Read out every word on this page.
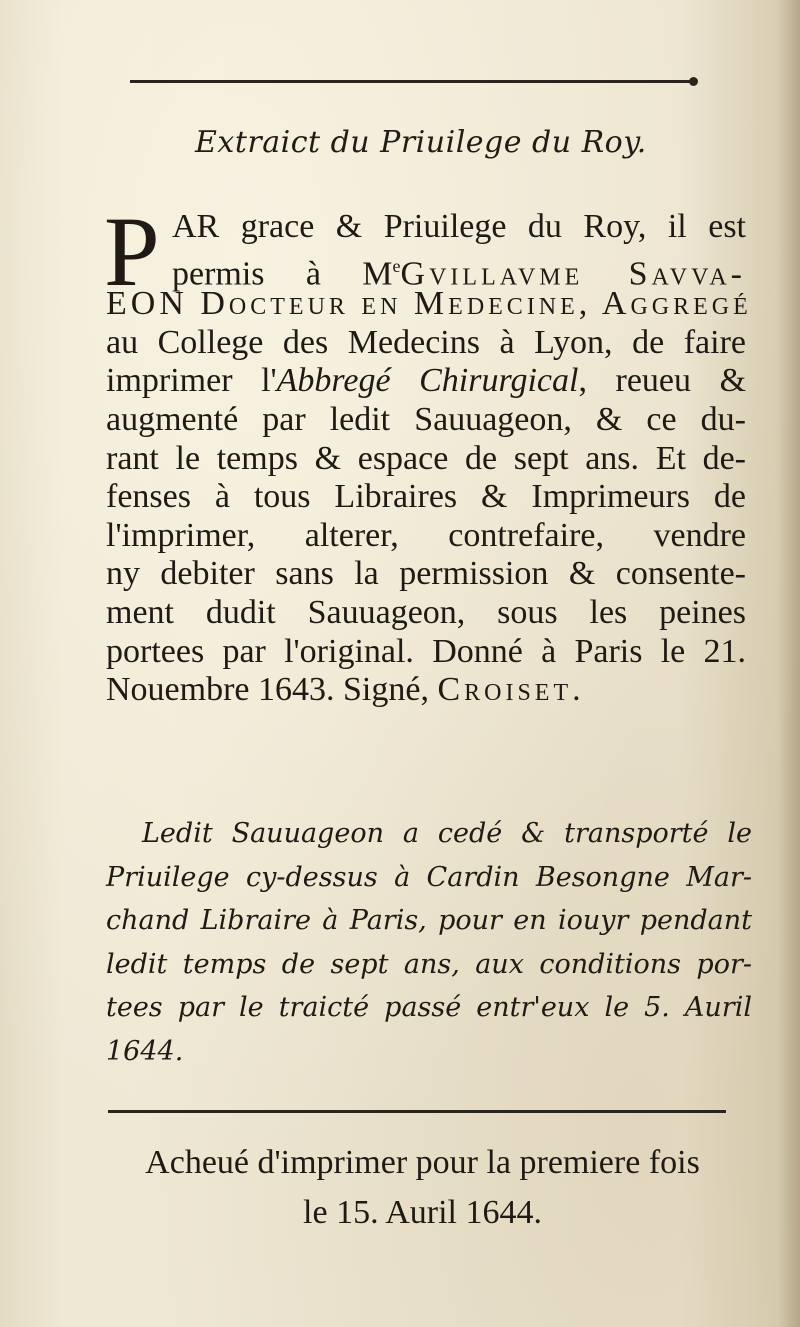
Extraict du Priuilege du Roy.
P AR grace & Priuilege du Roy, il est
permis à MeGvillavme Savva-
EON Docteur en Medecine, Aggregé
au College des Medecins à Lyon, de faire
imprimer l'Abbregé Chirurgical, reueu &
augmenté par ledit Sauuageon, & ce du-
rant le temps & espace de sept ans. Et de-
fenses à tous Libraires & Imprimeurs de
l'imprimer, alterer, contrefaire, vendre
ny debiter sans la permission & consente-
ment dudit Sauuageon, sous les peines
portees par l'original. Donné à Paris le 21.
Nouembre 1643. Signé, Croiset.
Ledit Sauuageon a cedé & transporté le
Priuilege cy-dessus à Cardin Besongne Mar-
chand Libraire à Paris, pour en iouyr pendant
ledit temps de sept ans, aux conditions por-
tees par le traicté passé entr'eux le 5. Auril
1644.
Acheué d'imprimer pour la premiere fois
le 15. Auril 1644.
